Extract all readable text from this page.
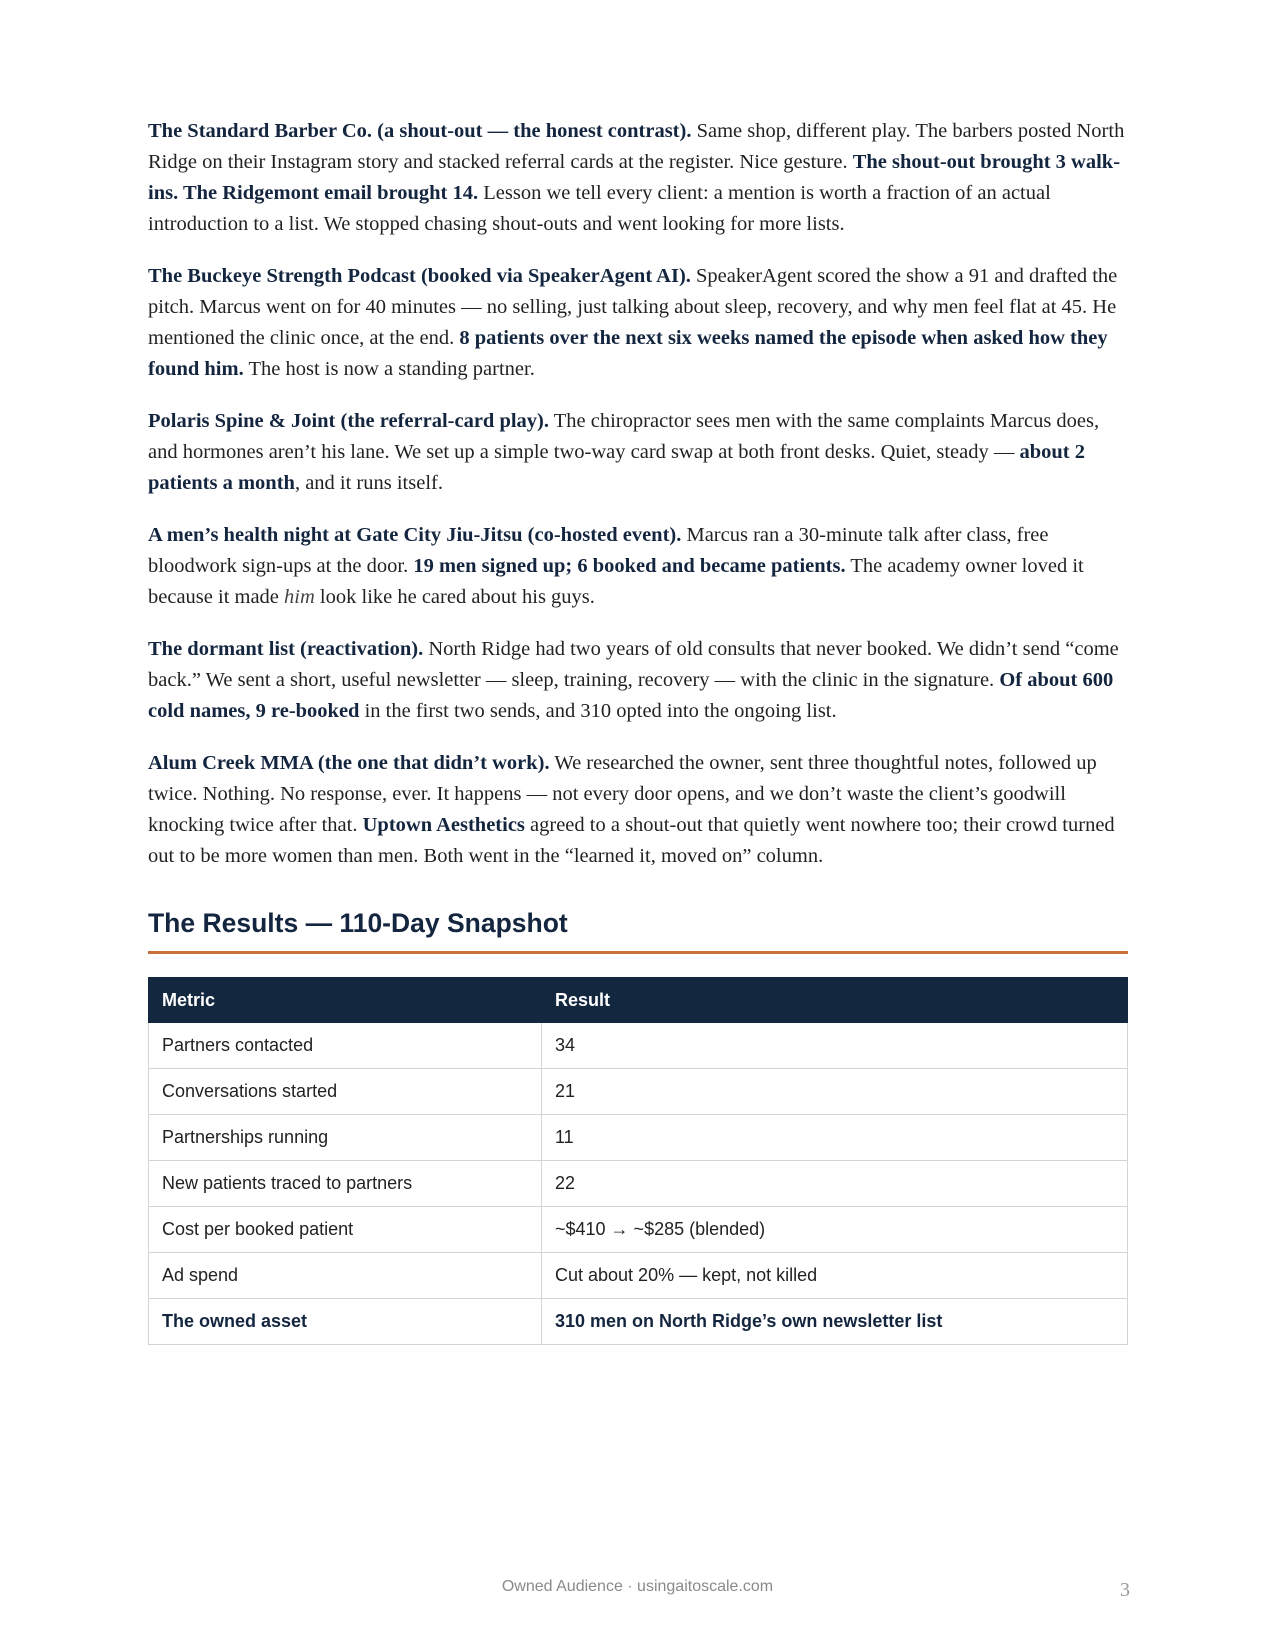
The Standard Barber Co. (a shout-out — the honest contrast). Same shop, different play. The barbers posted North Ridge on their Instagram story and stacked referral cards at the register. Nice gesture. The shout-out brought 3 walk-ins. The Ridgemont email brought 14. Lesson we tell every client: a mention is worth a fraction of an actual introduction to a list. We stopped chasing shout-outs and went looking for more lists.

The Buckeye Strength Podcast (booked via SpeakerAgent AI). SpeakerAgent scored the show a 91 and drafted the pitch. Marcus went on for 40 minutes — no selling, just talking about sleep, recovery, and why men feel flat at 45. He mentioned the clinic once, at the end. 8 patients over the next six weeks named the episode when asked how they found him. The host is now a standing partner.

Polaris Spine & Joint (the referral-card play). The chiropractor sees men with the same complaints Marcus does, and hormones aren’t his lane. We set up a simple two-way card swap at both front desks. Quiet, steady — about 2 patients a month, and it runs itself.

A men’s health night at Gate City Jiu-Jitsu (co-hosted event). Marcus ran a 30-minute talk after class, free bloodwork sign-ups at the door. 19 men signed up; 6 booked and became patients. The academy owner loved it because it made him look like he cared about his guys.

The dormant list (reactivation). North Ridge had two years of old consults that never booked. We didn’t send “come back.” We sent a short, useful newsletter — sleep, training, recovery — with the clinic in the signature. Of about 600 cold names, 9 re-booked in the first two sends, and 310 opted into the ongoing list.

Alum Creek MMA (the one that didn’t work). We researched the owner, sent three thoughtful notes, followed up twice. Nothing. No response, ever. It happens — not every door opens, and we don’t waste the client’s goodwill knocking twice after that. Uptown Aesthetics agreed to a shout-out that quietly went nowhere too; their crowd turned out to be more women than men. Both went in the “learned it, moved on” column.

The Results — 110-Day Snapshot
Metric	Result
Partners contacted	34
Conversations started	21
Partnerships running	11
New patients traced to partners	22
Cost per booked patient	~$410 → ~$285 (blended)
Ad spend	Cut about 20% — kept, not killed
The owned asset	310 men on North Ridge’s own newsletter list
Owned Audience · usingaitoscale.com	3
